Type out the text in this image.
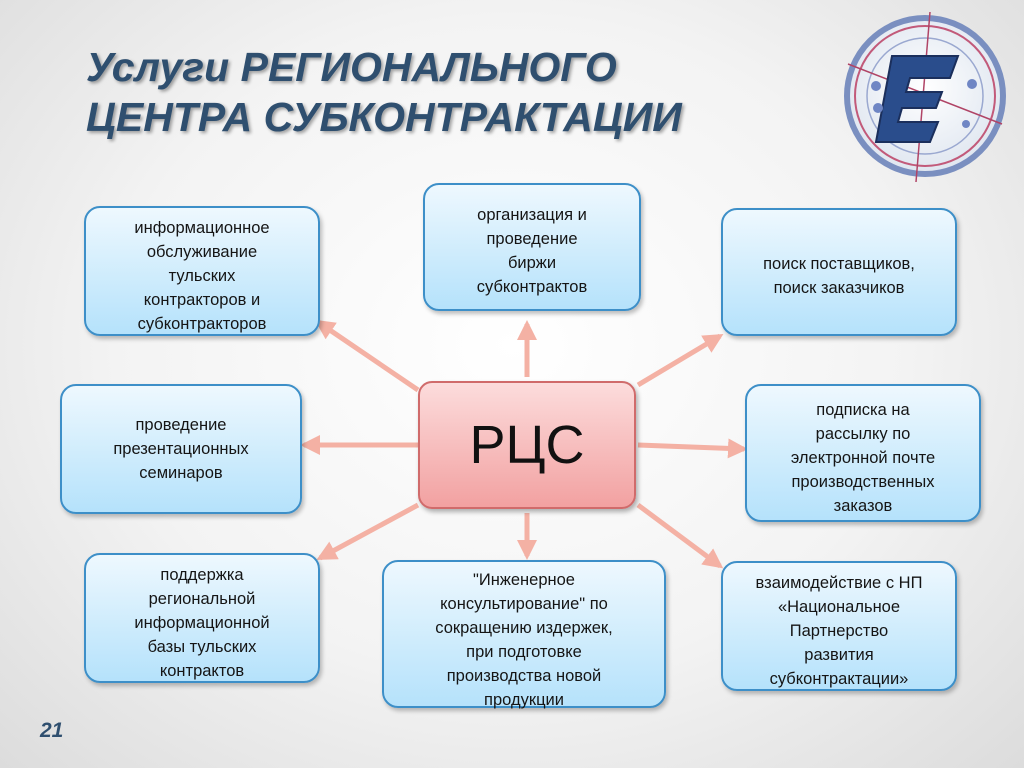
Услуги РЕГИОНАЛЬНОГО
ЦЕНТРА СУБКОНТРАКТАЦИИ
информационное
обслуживание
тульских
контракторов и
субконтракторов
организация и
проведение
биржи
субконтрактов
поиск поставщиков,
поиск заказчиков
проведение
презентационных
семинаров	РЦС
подписка на
рассылку по
электронной почте
производственных
заказов
поддержка
региональной
информационной
базы тульских
контрактов
"Инженерное
консультирование" по
сокращению издержек,
при подготовке
производства новой
продукции
взаимодействие с НП
«Национальное
Партнерство
развития
субконтрактации»
21
